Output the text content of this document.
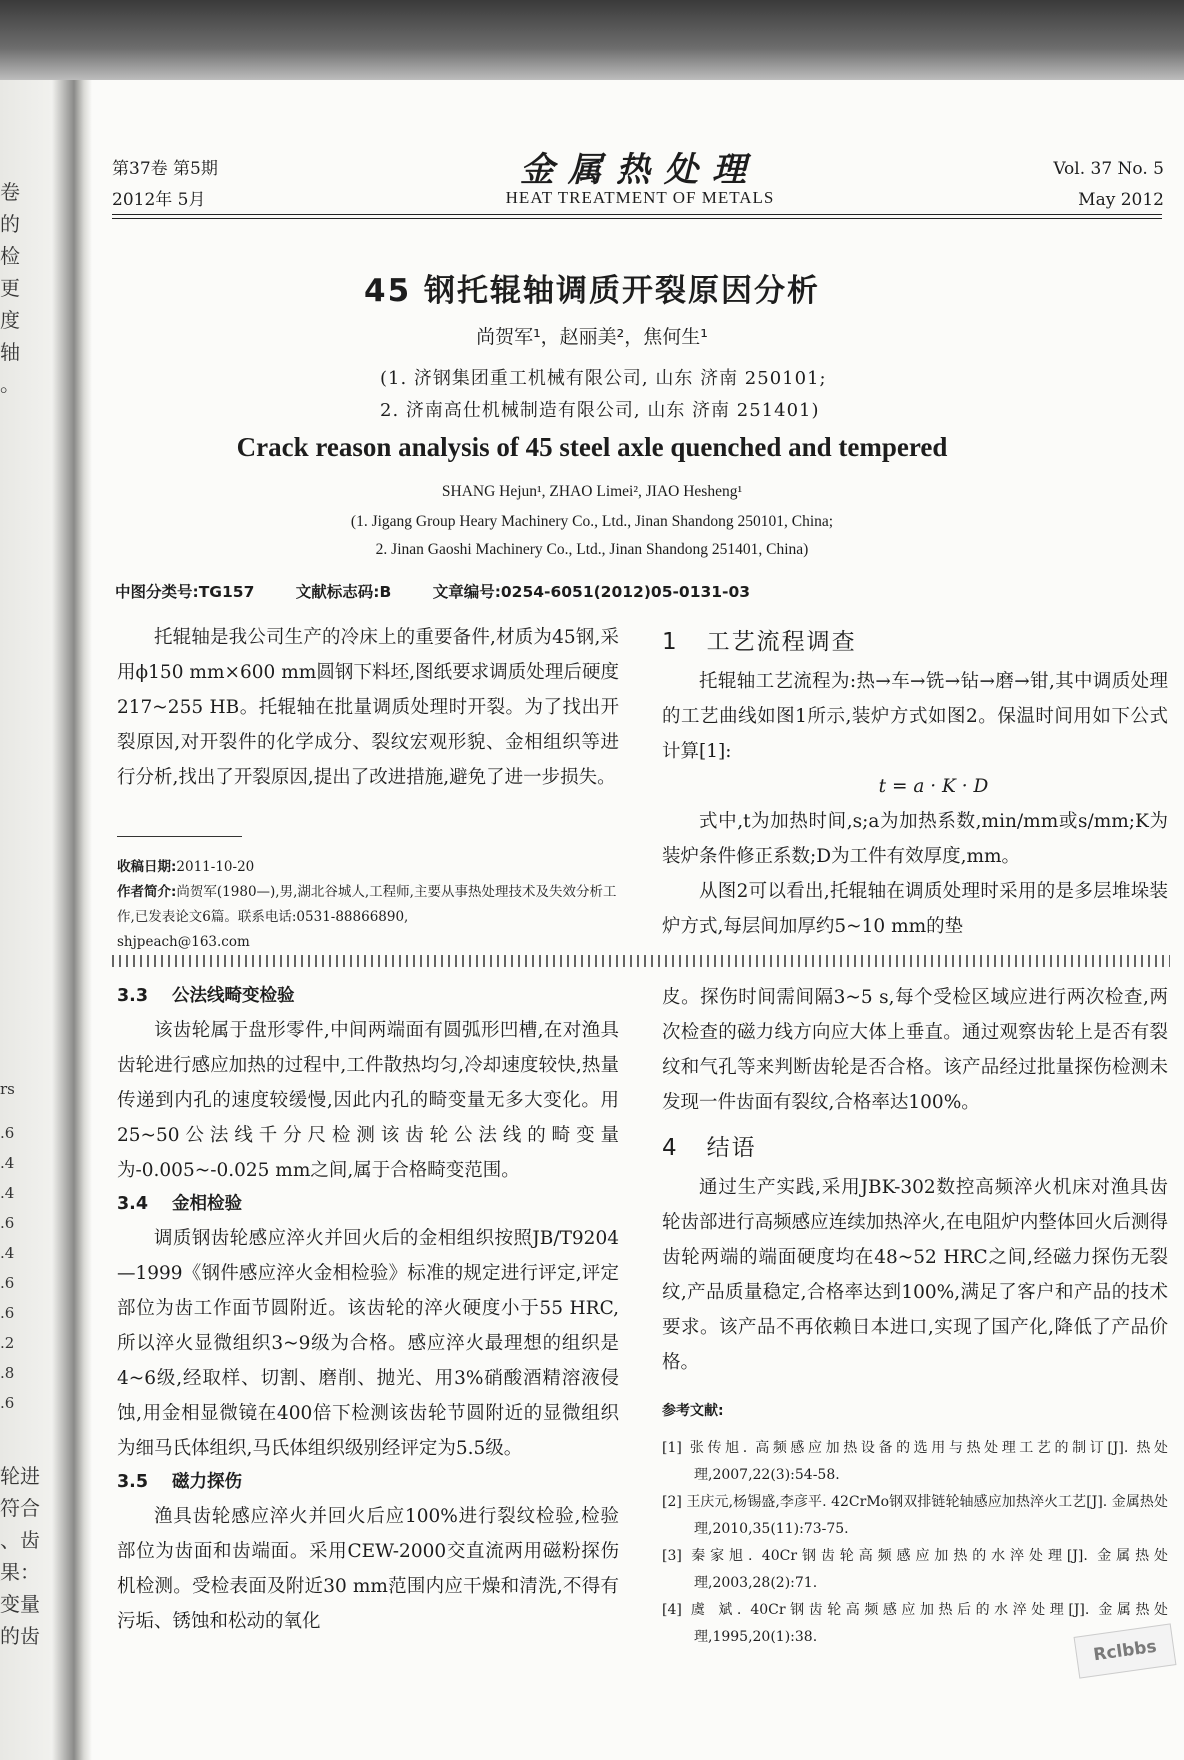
卷
的
检
更
度
轴
。
rs
.6
.4
.4
.6
.4
.6
.6
.2
.8
.6
轮进
符合
、齿
果：
变量
的齿
第37卷 第5期
2012年 5月
金属热处理
HEAT TREATMENT OF METALS
Vol. 37 No. 5
May 2012
45 钢托辊轴调质开裂原因分析
尚贺军¹，赵丽美²，焦何生¹
(1. 济钢集团重工机械有限公司, 山东 济南 250101;
2. 济南高仕机械制造有限公司, 山东 济南 251401)
Crack reason analysis of 45 steel axle quenched and tempered
SHANG Hejun¹, ZHAO Limei², JIAO Hesheng¹
(1. Jigang Group Heary Machinery Co., Ltd., Jinan Shandong 250101, China;
2. Jinan Gaoshi Machinery Co., Ltd., Jinan Shandong 251401, China)
中图分类号:TG157	文献标志码:B	文章编号:0254-6051(2012)05-0131-03

托辊轴是我公司生产的冷床上的重要备件,材质为45钢,采用ϕ150 mm×600 mm圆钢下料坯,图纸要求调质处理后硬度217~255 HB。托辊轴在批量调质处理时开裂。为了找出开裂原因,对开裂件的化学成分、裂纹宏观形貌、金相组织等进行分析,找出了开裂原因,提出了改进措施,避免了进一步损失。

收稿日期:2011-10-20
作者简介:尚贺军(1980—),男,湖北谷城人,工程师,主要从事热处理技术及失效分析工作,已发表论文6篇。联系电话:0531-88866890,
shjpeach@163.com
1 工艺流程调查

托辊轴工艺流程为:热→车→铣→钻→磨→钳,其中调质处理的工艺曲线如图1所示,装炉方式如图2。保温时间用如下公式计算[1]:

t = a · K · D

式中,t为加热时间,s;a为加热系数,min/mm或s/mm;K为装炉条件修正系数;D为工件有效厚度,mm。

从图2可以看出,托辊轴在调质处理时采用的是多层堆垛装炉方式,每层间加厚约5~10 mm的垫

3.3 公法线畸变检验

该齿轮属于盘形零件,中间两端面有圆弧形凹槽,在对渔具齿轮进行感应加热的过程中,工件散热均匀,冷却速度较快,热量传递到内孔的速度较缓慢,因此内孔的畸变量无多大变化。用25~50公法线千分尺检测该齿轮公法线的畸变量为-0.005~-0.025 mm之间,属于合格畸变范围。

3.4 金相检验

调质钢齿轮感应淬火并回火后的金相组织按照JB/T9204—1999《钢件感应淬火金相检验》标准的规定进行评定,评定部位为齿工作面节圆附近。该齿轮的淬火硬度小于55 HRC,所以淬火显微组织3~9级为合格。感应淬火最理想的组织是4~6级,经取样、切割、磨削、抛光、用3%硝酸酒精溶液侵蚀,用金相显微镜在400倍下检测该齿轮节圆附近的显微组织为细马氏体组织,马氏体组织级别经评定为5.5级。

3.5 磁力探伤

渔具齿轮感应淬火并回火后应100%进行裂纹检验,检验部位为齿面和齿端面。采用CEW-2000交直流两用磁粉探伤机检测。受检表面及附近30 mm范围内应干燥和清洗,不得有污垢、锈蚀和松动的氧化

皮。探伤时间需间隔3~5 s,每个受检区域应进行两次检查,两次检查的磁力线方向应大体上垂直。通过观察齿轮上是否有裂纹和气孔等来判断齿轮是否合格。该产品经过批量探伤检测未发现一件齿面有裂纹,合格率达100%。

4 结语

通过生产实践,采用JBK-302数控高频淬火机床对渔具齿轮齿部进行高频感应连续加热淬火,在电阻炉内整体回火后测得齿轮两端的端面硬度均在48~52 HRC之间,经磁力探伤无裂纹,产品质量稳定,合格率达到100%,满足了客户和产品的技术要求。该产品不再依赖日本进口,实现了国产化,降低了产品价格。

参考文献:
[1] 张传旭. 高频感应加热设备的选用与热处理工艺的制订[J]. 热处理,2007,22(3):54-58.
[2] 王庆元,杨锡盛,李彦平. 42CrMo钢双排链轮轴感应加热淬火工艺[J]. 金属热处理,2010,35(11):73-75.
[3] 秦家旭. 40Cr钢齿轮高频感应加热的水淬处理[J]. 金属热处理,2003,28(2):71.
[4] 虞 斌. 40Cr钢齿轮高频感应加热后的水淬处理[J]. 金属热处理,1995,20(1):38.	Rclbbs
